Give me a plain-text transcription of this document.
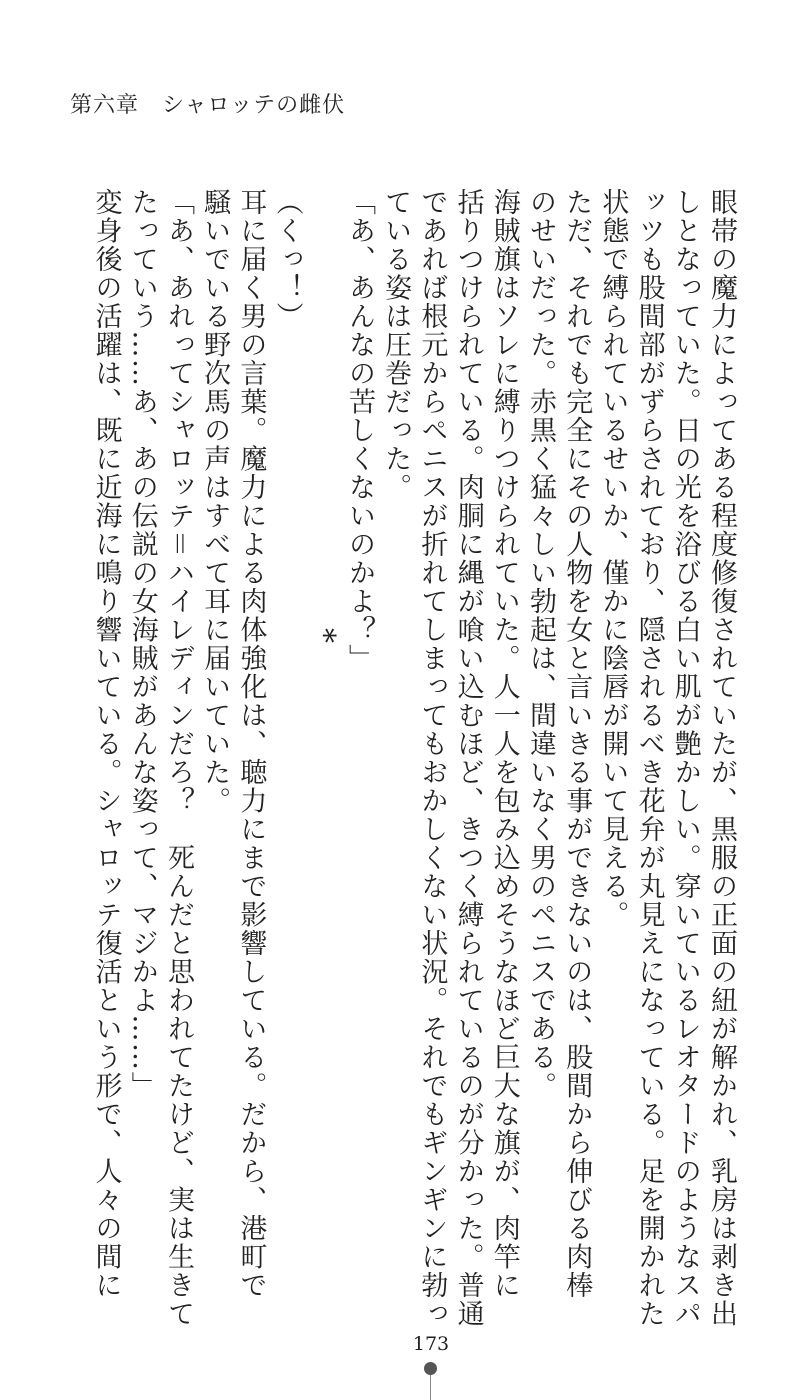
第六章　シャロッテの雌伏
眼帯の魔力によってある程度修復されていたが、黒服の正面の紐が解かれ、乳房は剥き出
しとなっていた。日の光を浴びる白い肌が艶かしい。穿いているレオタードのようなスパ
ッツも股間部がずらされており、隠されるべき花弁が丸見えになっている。足を開かれた
状態で縛られているせいか、僅かに陰唇が開いて見える。
ただ、それでも完全にその人物を女と言いきる事ができないのは、股間から伸びる肉棒
のせいだった。赤黒く猛々しい勃起は、間違いなく男のペニスである。
海賊旗はソレに縛りつけられていた。人一人を包み込めそうなほど巨大な旗が、肉竿に
括りつけられている。肉胴に縄が喰い込むほど、きつく縛られているのが分かった。普通
であれば根元からペニスが折れてしまってもおかしくない状況。それでもギンギンに勃っ
ている姿は圧巻だった。
「あ、あんなの苦しくないのかよ？」
*
（くっ！）
耳に届く男の言葉。魔力による肉体強化は、聴力にまで影響している。だから、港町で
騒いでいる野次馬の声はすべて耳に届いていた。
「あ、あれってシャロッテ＝ハイレディンだろ？　死んだと思われてたけど、実は生きて
たっていう……あ、あの伝説の女海賊があんな姿って、マジかよ……」
変身後の活躍は、既に近海に鳴り響いている。シャロッテ復活という形で、人々の間に
173
